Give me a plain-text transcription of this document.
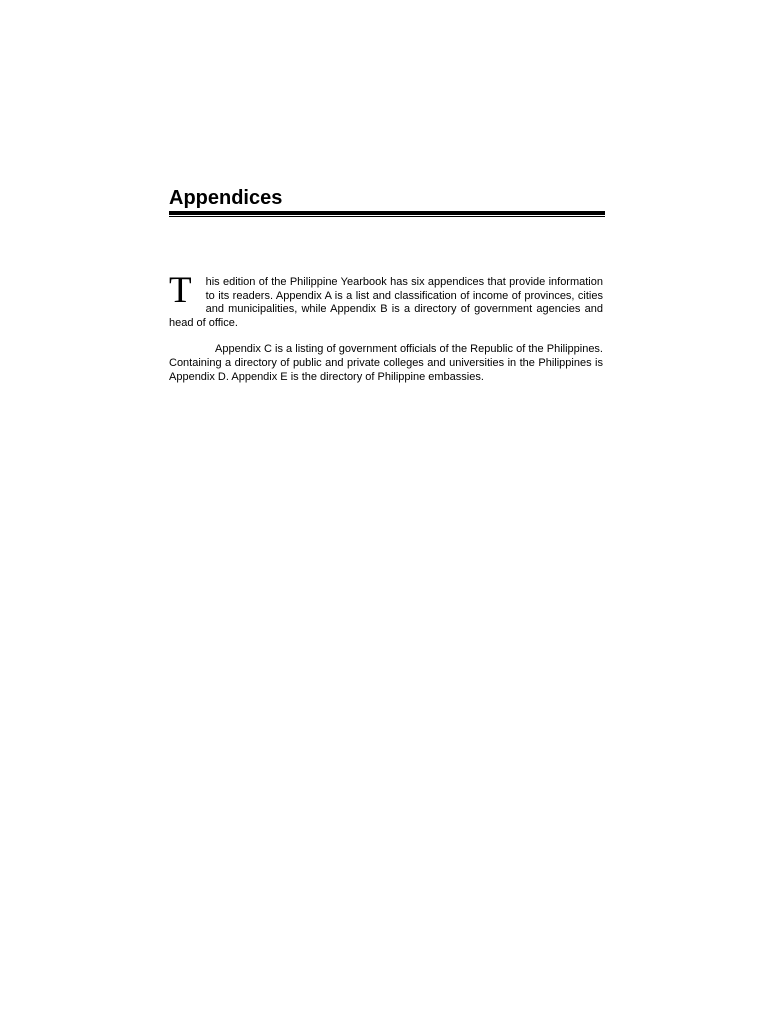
Appendices

T	his edition of the Philippine Yearbook has six appendices that provide information to its readers. Appendix A is a list and classification of income of provinces, cities and municipalities, while Appendix B is a directory of government agencies and head of office.

Appendix C is a listing of government officials of the Republic of the Philippines. Containing a directory of public and private colleges and universities in the Philippines is Appendix D. Appendix E is the directory of Philippine embassies.
